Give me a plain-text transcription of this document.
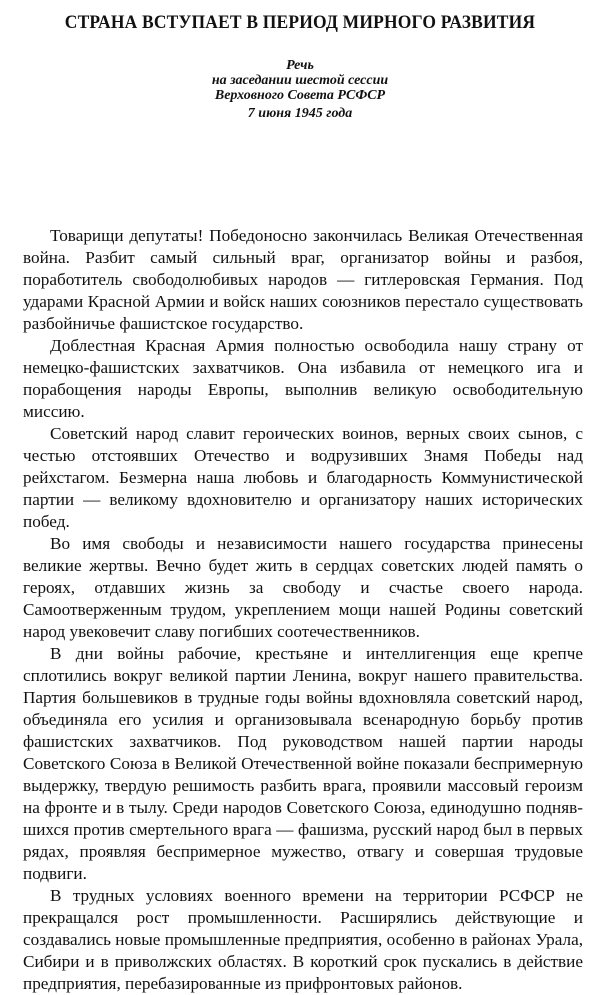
СТРАНА ВСТУПАЕТ В ПЕРИОД МИРНОГО РАЗВИТИЯ
Речь
на заседании шестой сессии
Верховного Совета РСФСР
7 июня 1945 года

Товарищи депутаты! Победоносно закончилась Великая Отечественная война. Разбит самый сильный враг, организатор войны и разбоя, поработитель свободолюбивых народов — гитлеровская Германия. Под ударами Красной Армии и войск наших союзников перестало существовать разбойничье фашистское государство.

Доблестная Красная Армия полностью освободила нашу страну от немецко-фашистских захватчиков. Она избавила от немецкого ига и порабощения народы Европы, выполнив великую освободительную миссию.

Советский народ славит героических воинов, верных своих сынов, с честью отстоявших Отечество и водрузивших Знамя Победы над рейхстагом. Безмерна наша любовь и благодарность Коммунистической партии — великому вдохновителю и организатору наших исторических побед.

Во имя свободы и независимости нашего государства принесены великие жертвы. Вечно будет жить в сердцах советских людей память о героях, отдавших жизнь за свободу и счастье своего народа. Самоотверженным трудом, укреплением мощи нашей Родины советский народ увековечит славу погибших соотечественников.

В дни войны рабочие, крестьяне и интеллигенция еще крепче сплотились вокруг великой партии Ленина, вокруг нашего правительства. Партия большевиков в трудные годы войны вдохновляла советский народ, объединяла его усилия и организовывала всенародную борьбу против фашистских захватчиков. Под руководством нашей партии народы Советского Союза в Великой Отечественной войне показали беспримерную выдержку, твердую решимость разбить врага, проявили массовый героизм на фронте и в тылу. Среди народов Советского Союза, единодушно поднявшихся против смертельного врага — фашизма, русский народ был в первых рядах, проявляя беспримерное мужество, отвагу и совершая трудовые подвиги.

В трудных условиях военного времени на территории РСФСР не прекращался рост промышленности. Расширялись действующие и создавались новые промышленные предприятия, особенно в районах Урала, Сибири и в приволжских областях. В короткий срок пускались в действие предприятия, перебазированные из прифронтовых районов.
